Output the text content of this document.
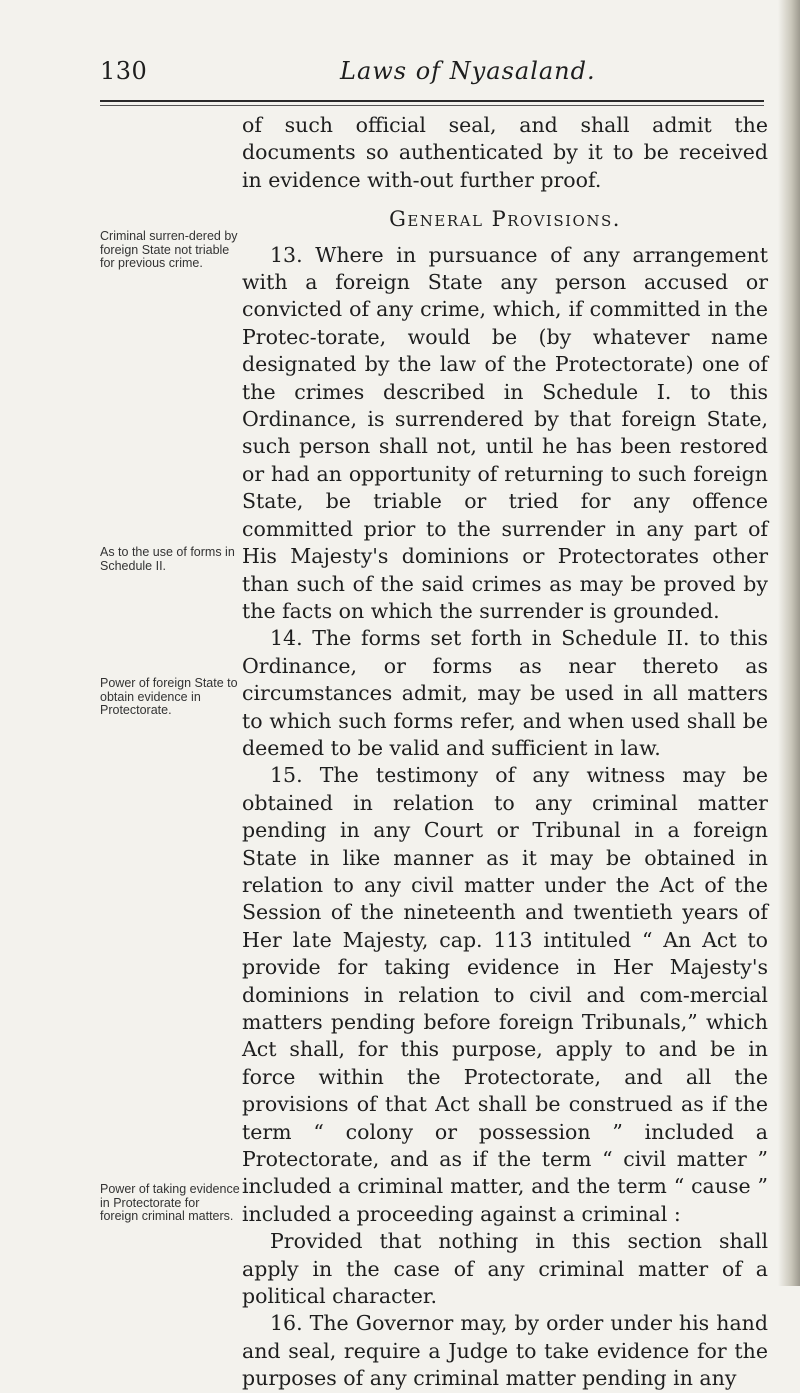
130	Laws of Nyasaland.
Criminal surren-dered by foreign State not triable for previous crime.
As to the use of forms in Schedule II.
Power of foreign State to obtain evidence in Protectorate.
Power of taking evidence in Protectorate for foreign criminal matters.

of such official seal, and shall admit the documents so authenticated by it to be received in evidence with-out further proof.

General Provisions.

13. Where in pursuance of any arrangement with a foreign State any person accused or convicted of any crime, which, if committed in the Protec-torate, would be (by whatever name designated by the law of the Protectorate) one of the crimes described in Schedule I. to this Ordinance, is surrendered by that foreign State, such person shall not, until he has been restored or had an opportunity of returning to such foreign State, be triable or tried for any offence committed prior to the surrender in any part of His Majesty's dominions or Protectorates other than such of the said crimes as may be proved by the facts on which the surrender is grounded.

14. The forms set forth in Schedule II. to this Ordinance, or forms as near thereto as circumstances admit, may be used in all matters to which such forms refer, and when used shall be deemed to be valid and sufficient in law.

15. The testimony of any witness may be obtained in relation to any criminal matter pending in any Court or Tribunal in a foreign State in like manner as it may be obtained in relation to any civil matter under the Act of the Session of the nineteenth and twentieth years of Her late Majesty, cap. 113 intituled “ An Act to provide for taking evidence in Her Majesty's dominions in relation to civil and com-mercial matters pending before foreign Tribunals,” which Act shall, for this purpose, apply to and be in force within the Protectorate, and all the provisions of that Act shall be construed as if the term “ colony or possession ” included a Protectorate, and as if the term “ civil matter ” included a criminal matter, and the term “ cause ” included a proceeding against a criminal :

Provided that nothing in this section shall apply in the case of any criminal matter of a political character.

16. The Governor may, by order under his hand and seal, require a Judge to take evidence for the purposes of any criminal matter pending in any
